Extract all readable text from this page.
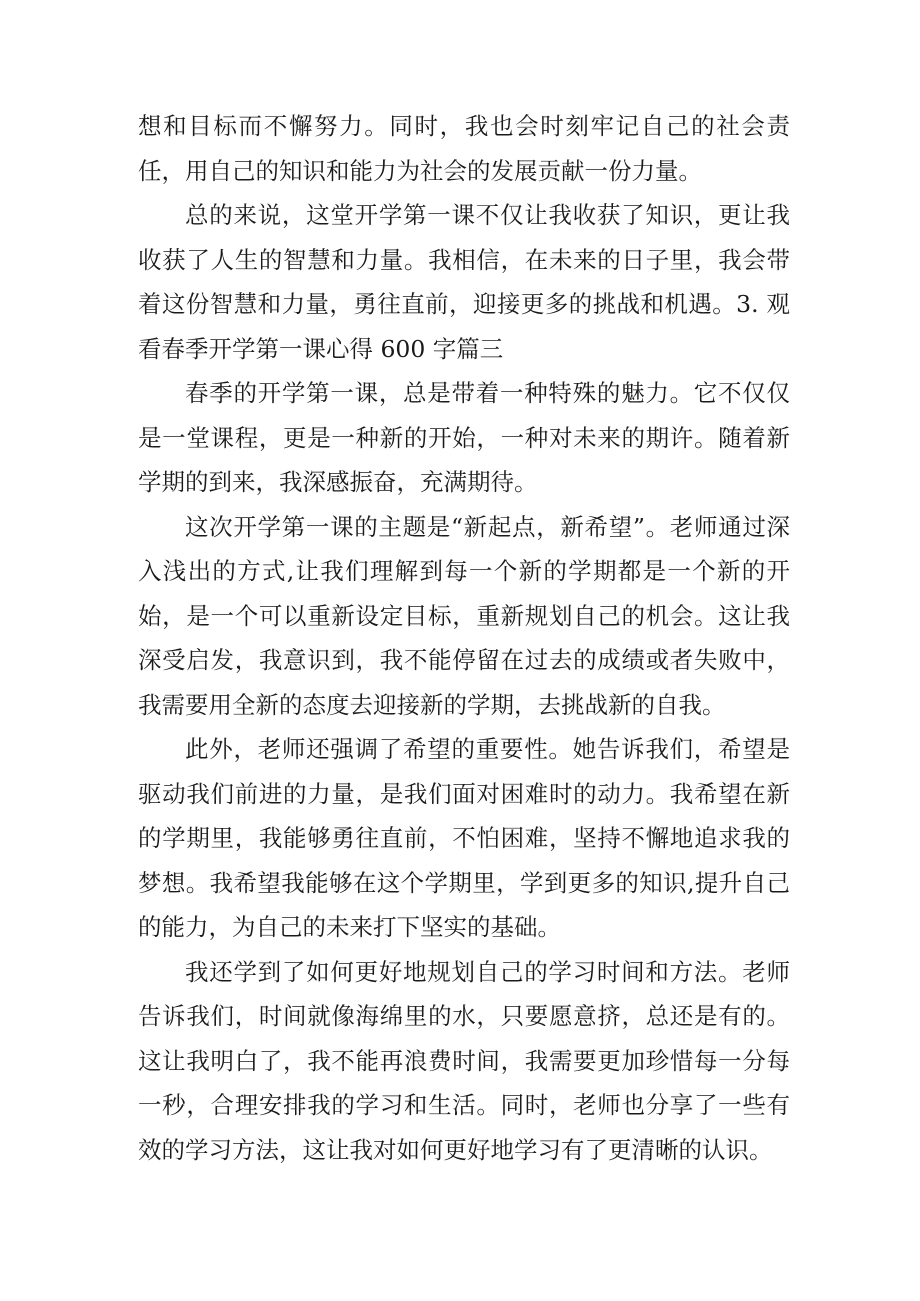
想和目标而不懈努力。同时，我也会时刻牢记自己的社会责任，用自己的知识和能力为社会的发展贡献一份力量。

总的来说，这堂开学第一课不仅让我收获了知识，更让我收获了人生的智慧和力量。我相信，在未来的日子里，我会带着这份智慧和力量，勇往直前，迎接更多的挑战和机遇。3. 观看春季开学第一课心得 600 字篇三

春季的开学第一课，总是带着一种特殊的魅力。它不仅仅是一堂课程，更是一种新的开始，一种对未来的期许。随着新学期的到来，我深感振奋，充满期待。

这次开学第一课的主题是“新起点，新希望”。老师通过深入浅出的方式,让我们理解到每一个新的学期都是一个新的开始，是一个可以重新设定目标，重新规划自己的机会。这让我深受启发，我意识到，我不能停留在过去的成绩或者失败中，我需要用全新的态度去迎接新的学期，去挑战新的自我。

此外，老师还强调了希望的重要性。她告诉我们，希望是驱动我们前进的力量，是我们面对困难时的动力。我希望在新的学期里，我能够勇往直前，不怕困难，坚持不懈地追求我的梦想。我希望我能够在这个学期里，学到更多的知识,提升自己的能力，为自己的未来打下坚实的基础。

我还学到了如何更好地规划自己的学习时间和方法。老师告诉我们，时间就像海绵里的水，只要愿意挤，总还是有的。这让我明白了，我不能再浪费时间，我需要更加珍惜每一分每一秒，合理安排我的学习和生活。同时，老师也分享了一些有效的学习方法，这让我对如何更好地学习有了更清晰的认识。
